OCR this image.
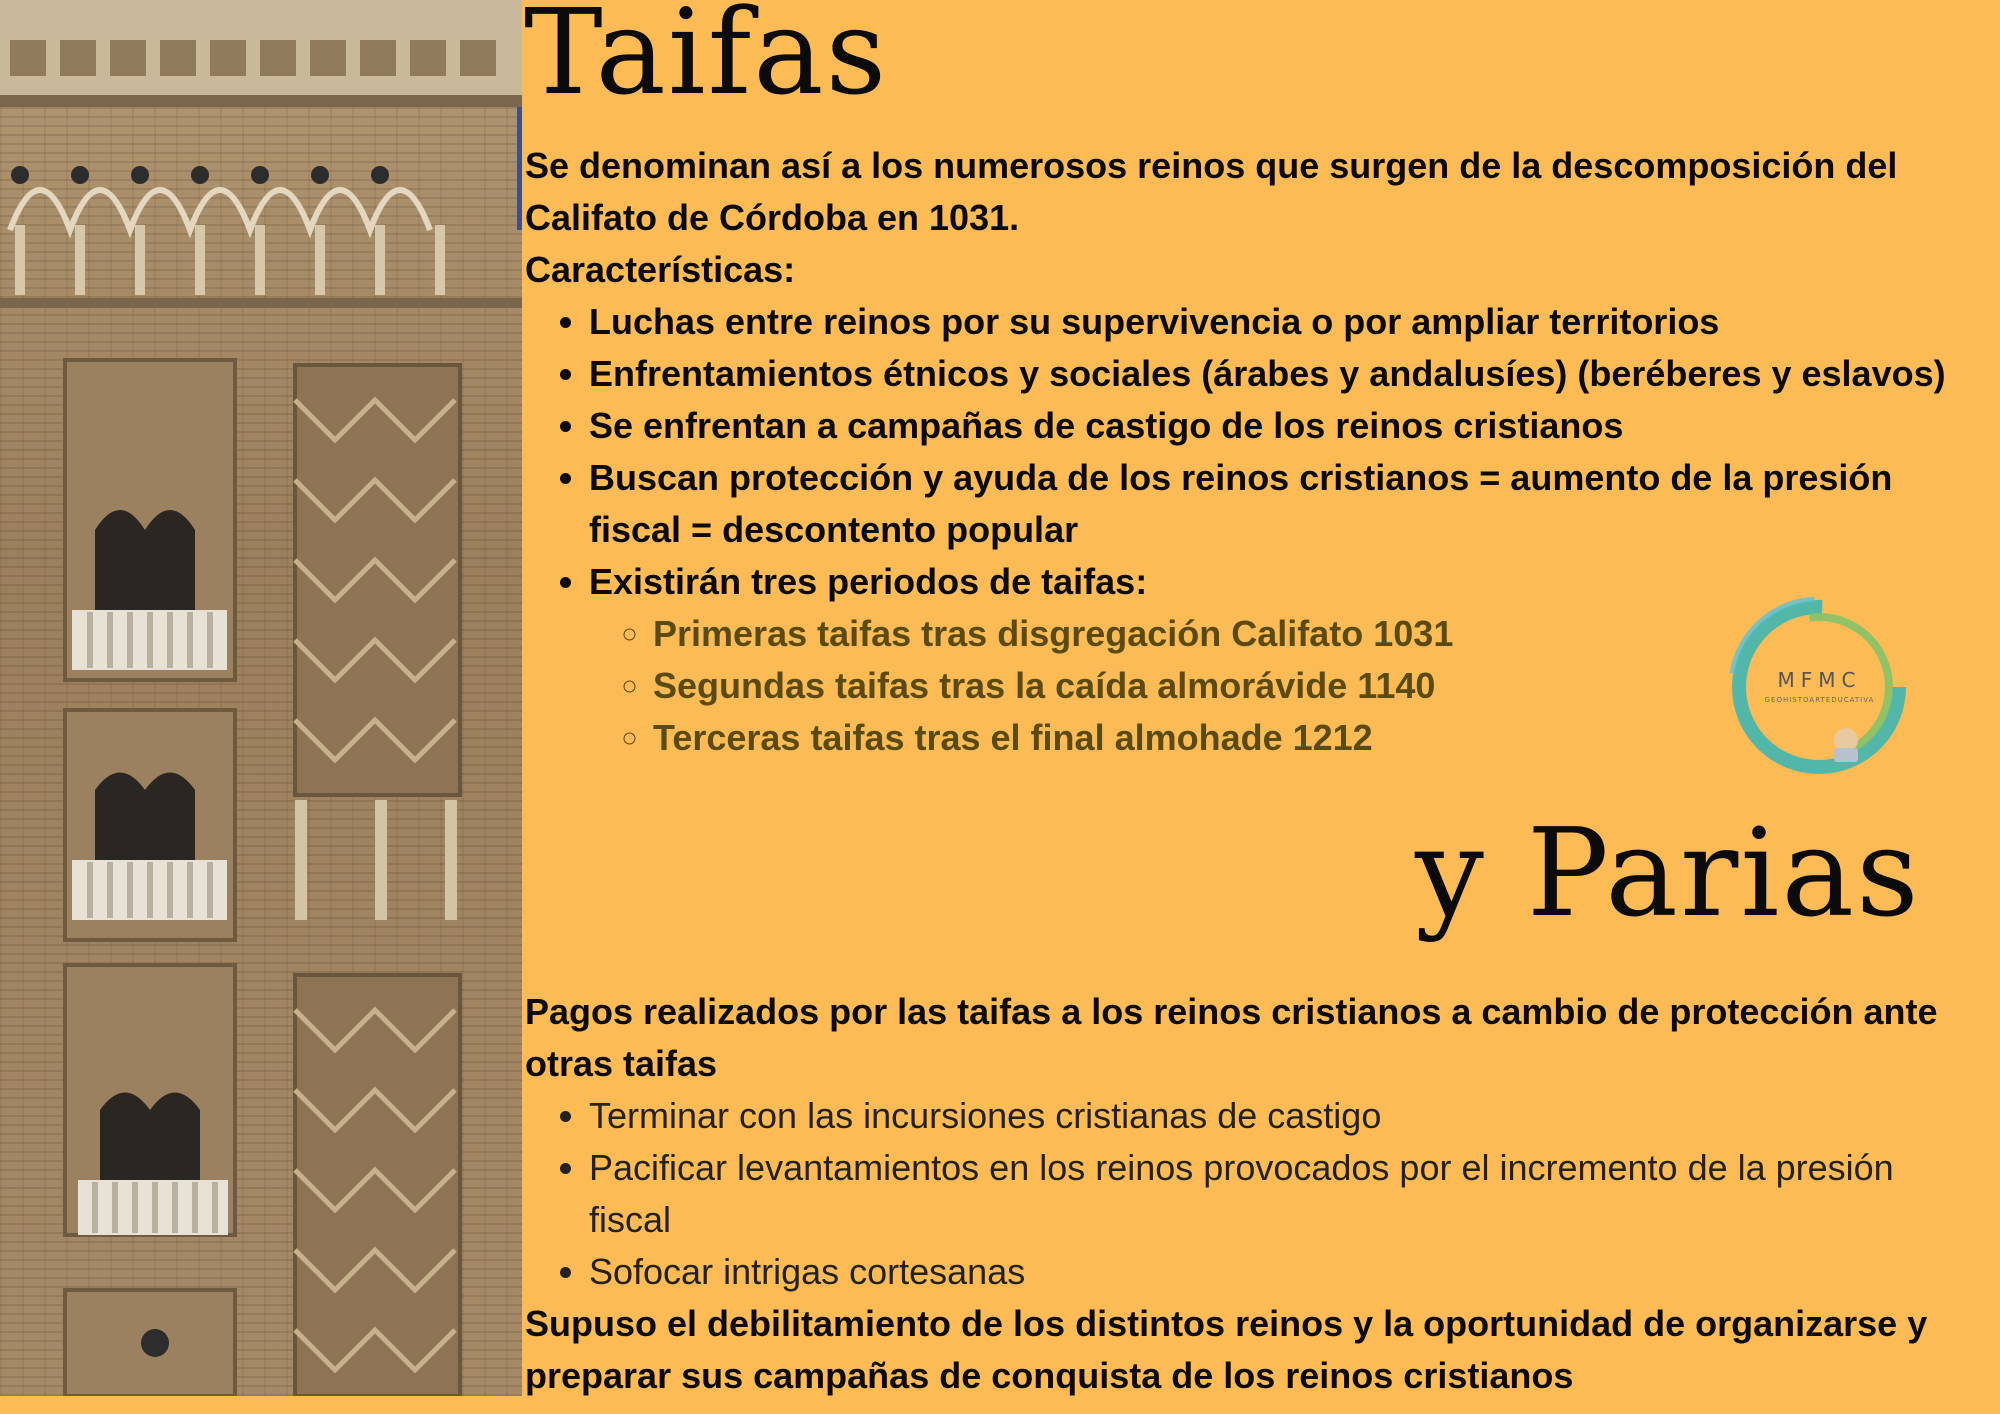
Taifas
y Parias

Se denominan así a los numerosos reinos que surgen de la descomposición del Califato de Córdoba en 1031.

Características:

• Luchas entre reinos por su supervivencia o por ampliar territorios
• Enfrentamientos étnicos y sociales (árabes y andalusíes) (beréberes y eslavos)
• Se enfrentan a campañas de castigo de los reinos cristianos
• Buscan protección y ayuda de los reinos cristianos = aumento de la presión fiscal = descontento popular
• Existirán tres periodos de taifas:
◦ Primeras taifas tras disgregación Califato 1031
◦ Segundas taifas tras la caída almorávide 1140
◦ Terceras taifas tras el final almohade 1212
MFMC
GEOHISTOARTEDUCATIVA

Pagos realizados por las taifas a los reinos cristianos a cambio de protección ante otras taifas

• Terminar con las incursiones cristianas de castigo
• Pacificar levantamientos en los reinos provocados por el incremento de la presión fiscal
• Sofocar intrigas cortesanas

Supuso el debilitamiento de los distintos reinos y la oportunidad de organizarse y preparar sus campañas de conquista de los reinos cristianos
